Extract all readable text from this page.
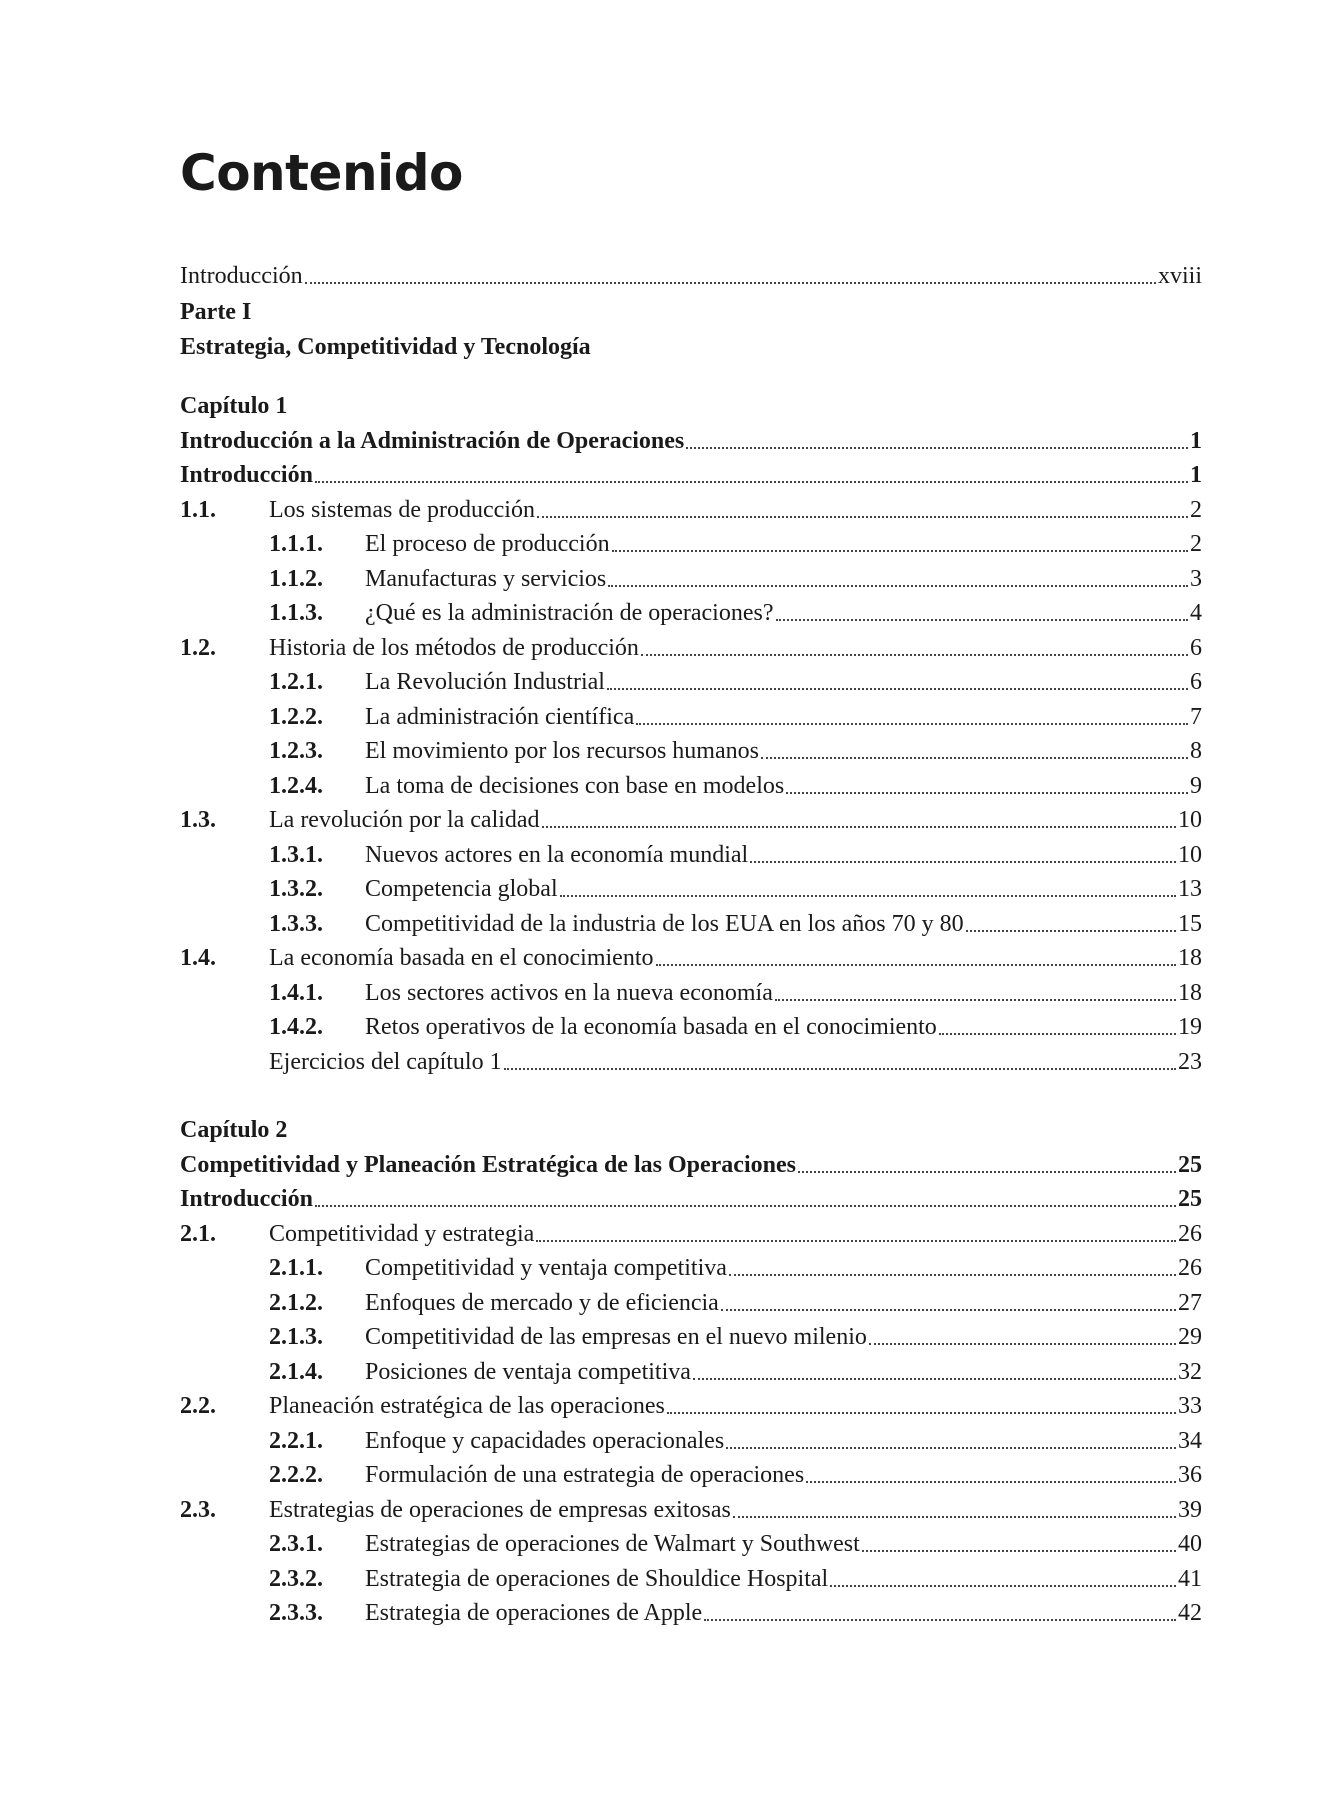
Contenido
Introducción	xviii
Parte I
Estrategia, Competitividad y Tecnología
Capítulo 1
Introducción a la Administración de Operaciones	1
Introducción	1
1.1.	Los sistemas de producción	2
1.1.1.	El proceso de producción	2
1.1.2.	Manufacturas y servicios	3
1.1.3.	¿Qué es la administración de operaciones?	4
1.2.	Historia de los métodos de producción	6
1.2.1.	La Revolución Industrial	6
1.2.2.	La administración científica	7
1.2.3.	El movimiento por los recursos humanos	8
1.2.4.	La toma de decisiones con base en modelos	9
1.3.	La revolución por la calidad	10
1.3.1.	Nuevos actores en la economía mundial	10
1.3.2.	Competencia global	13
1.3.3.	Competitividad de la industria de los EUA en los años 70 y 80	15
1.4.	La economía basada en el conocimiento	18
1.4.1.	Los sectores activos en la nueva economía	18
1.4.2.	Retos operativos de la economía basada en el conocimiento	19
Ejercicios del capítulo 1	23
Capítulo 2
Competitividad y Planeación Estratégica de las Operaciones	25
Introducción	25
2.1.	Competitividad y estrategia	26
2.1.1.	Competitividad y ventaja competitiva	26
2.1.2.	Enfoques de mercado y de eficiencia	27
2.1.3.	Competitividad de las empresas en el nuevo milenio	29
2.1.4.	Posiciones de ventaja competitiva	32
2.2.	Planeación estratégica de las operaciones	33
2.2.1.	Enfoque y capacidades operacionales	34
2.2.2.	Formulación de una estrategia de operaciones	36
2.3.	Estrategias de operaciones de empresas exitosas	39
2.3.1.	Estrategias de operaciones de Walmart y Southwest	40
2.3.2.	Estrategia de operaciones de Shouldice Hospital	41
2.3.3.	Estrategia de operaciones de Apple	42
